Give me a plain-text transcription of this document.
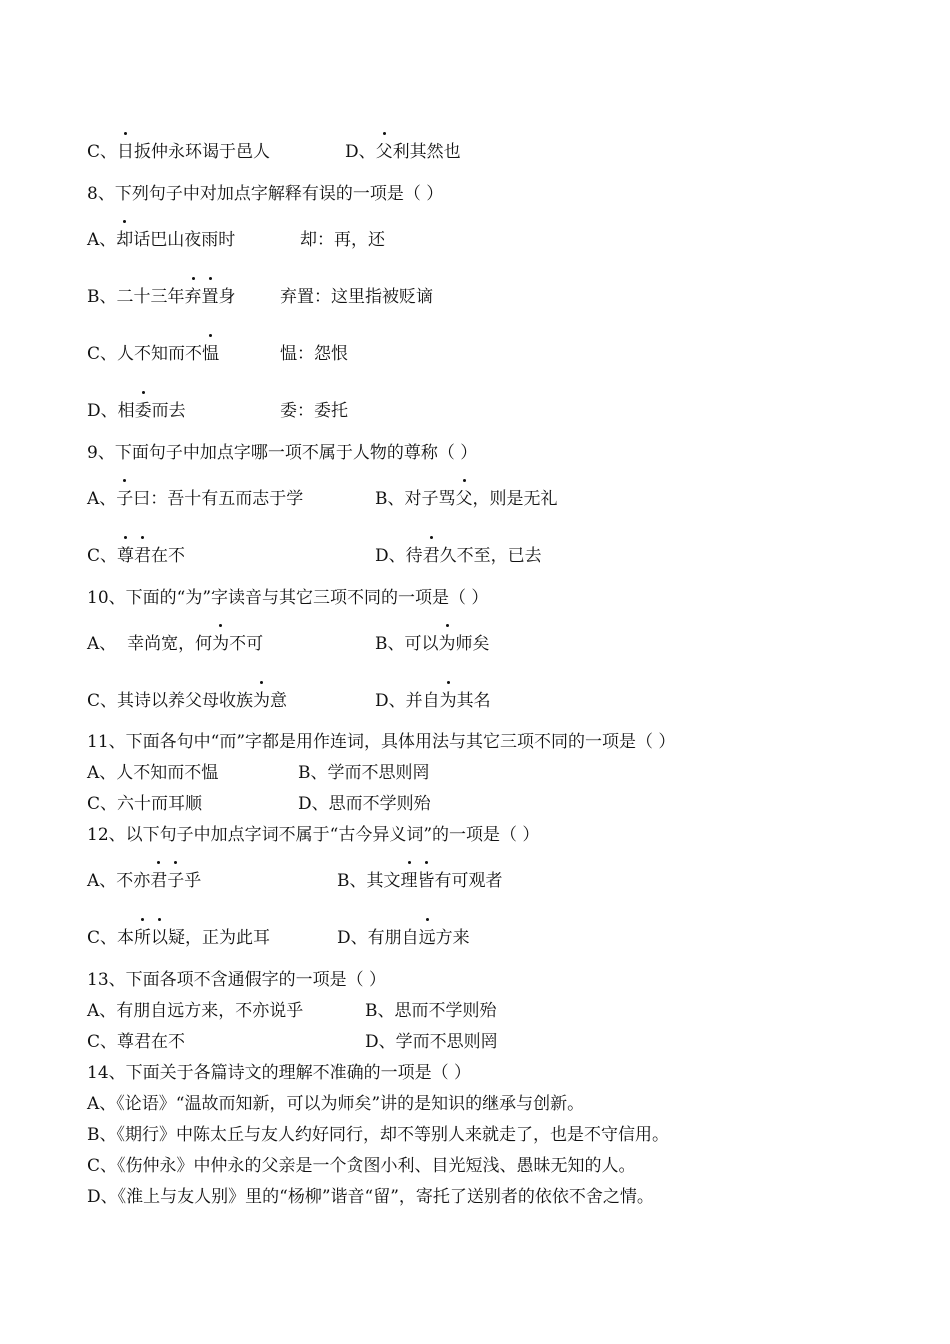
C、日扳仲永环谒于邑人	D、父利其然也
8、下列句子中对加点字解释有误的一项是（ ）
A、却话巴山夜雨时	却：再，还
B、二十三年弃置身	弃置：这里指被贬谪
C、人不知而不愠	愠：怨恨
D、相委而去	委：委托
9、下面句子中加点字哪一项不属于人物的尊称（ ）
A、子曰：吾十有五而志于学	B、对子骂父，则是无礼
C、尊君在不	D、待君久不至，已去
10、下面的“为”字读音与其它三项不同的一项是（ ）
A、  幸尚宽，何为不可	B、可以为师矣
C、其诗以养父母收族为意	D、并自为其名
11、下面各句中“而”字都是用作连词，具体用法与其它三项不同的一项是（ ）
A、人不知而不愠	B、学而不思则罔
C、六十而耳顺	D、思而不学则殆
12、以下句子中加点字词不属于“古今异义词”的一项是（ ）
A、不亦君子乎	B、其文理皆有可观者
C、本所以疑，正为此耳	D、有朋自远方来
13、下面各项不含通假字的一项是（ ）
A、有朋自远方来，不亦说乎	B、思而不学则殆
C、尊君在不	D、学而不思则罔
14、下面关于各篇诗文的理解不准确的一项是（ ）
A、《论语》“温故而知新，可以为师矣”讲的是知识的继承与创新。
B、《期行》中陈太丘与友人约好同行，却不等别人来就走了，也是不守信用。
C、《伤仲永》中仲永的父亲是一个贪图小利、目光短浅、愚昧无知的人。
D、《淮上与友人别》里的“杨柳”谐音“留”，寄托了送别者的依依不舍之情。
